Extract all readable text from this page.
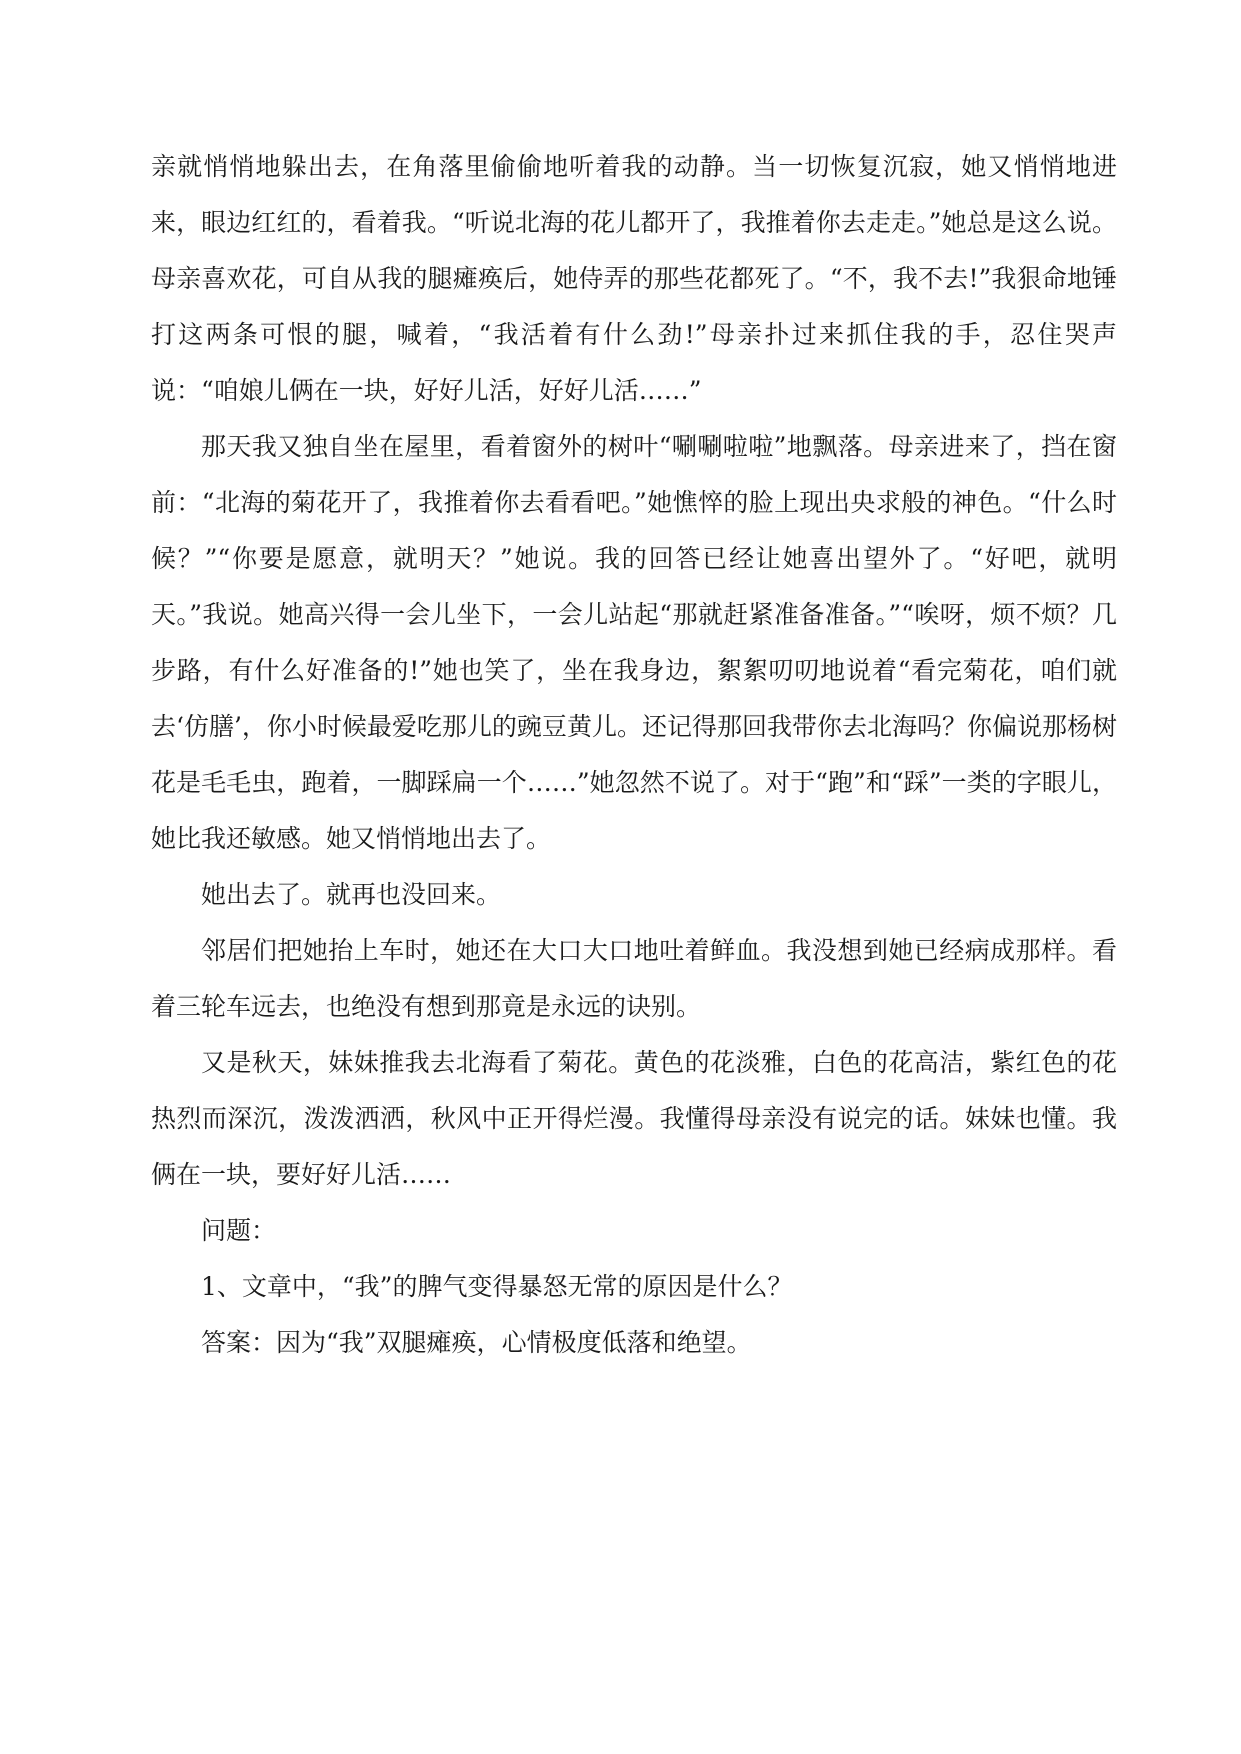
亲就悄悄地躲出去，在角落里偷偷地听着我的动静。当一切恢复沉寂，她又悄悄地进来，眼边红红的，看着我。“听说北海的花儿都开了，我推着你去走走。”她总是这么说。母亲喜欢花，可自从我的腿瘫痪后，她侍弄的那些花都死了。“不，我不去!”我狠命地锤打这两条可恨的腿，喊着，“我活着有什么劲!”母亲扑过来抓住我的手，忍住哭声说：“咱娘儿俩在一块，好好儿活，好好儿活……”

那天我又独自坐在屋里，看着窗外的树叶“唰唰啦啦”地飘落。母亲进来了，挡在窗前：“北海的菊花开了，我推着你去看看吧。”她憔悴的脸上现出央求般的神色。“什么时候？”“你要是愿意，就明天？”她说。我的回答已经让她喜出望外了。“好吧，就明天。”我说。她高兴得一会儿坐下，一会儿站起“那就赶紧准备准备。”“唉呀，烦不烦？几步路，有什么好准备的!”她也笑了，坐在我身边，絮絮叨叨地说着“看完菊花，咱们就去‘仿膳’，你小时候最爱吃那儿的豌豆黄儿。还记得那回我带你去北海吗？你偏说那杨树花是毛毛虫，跑着，一脚踩扁一个……”她忽然不说了。对于“跑”和“踩”一类的字眼儿，她比我还敏感。她又悄悄地出去了。

她出去了。就再也没回来。

邻居们把她抬上车时，她还在大口大口地吐着鲜血。我没想到她已经病成那样。看着三轮车远去，也绝没有想到那竟是永远的诀别。

又是秋天，妹妹推我去北海看了菊花。黄色的花淡雅，白色的花高洁，紫红色的花热烈而深沉，泼泼洒洒，秋风中正开得烂漫。我懂得母亲没有说完的话。妹妹也懂。我俩在一块，要好好儿活……

问题：

1、文章中，“我”的脾气变得暴怒无常的原因是什么？

答案：因为“我”双腿瘫痪，心情极度低落和绝望。
